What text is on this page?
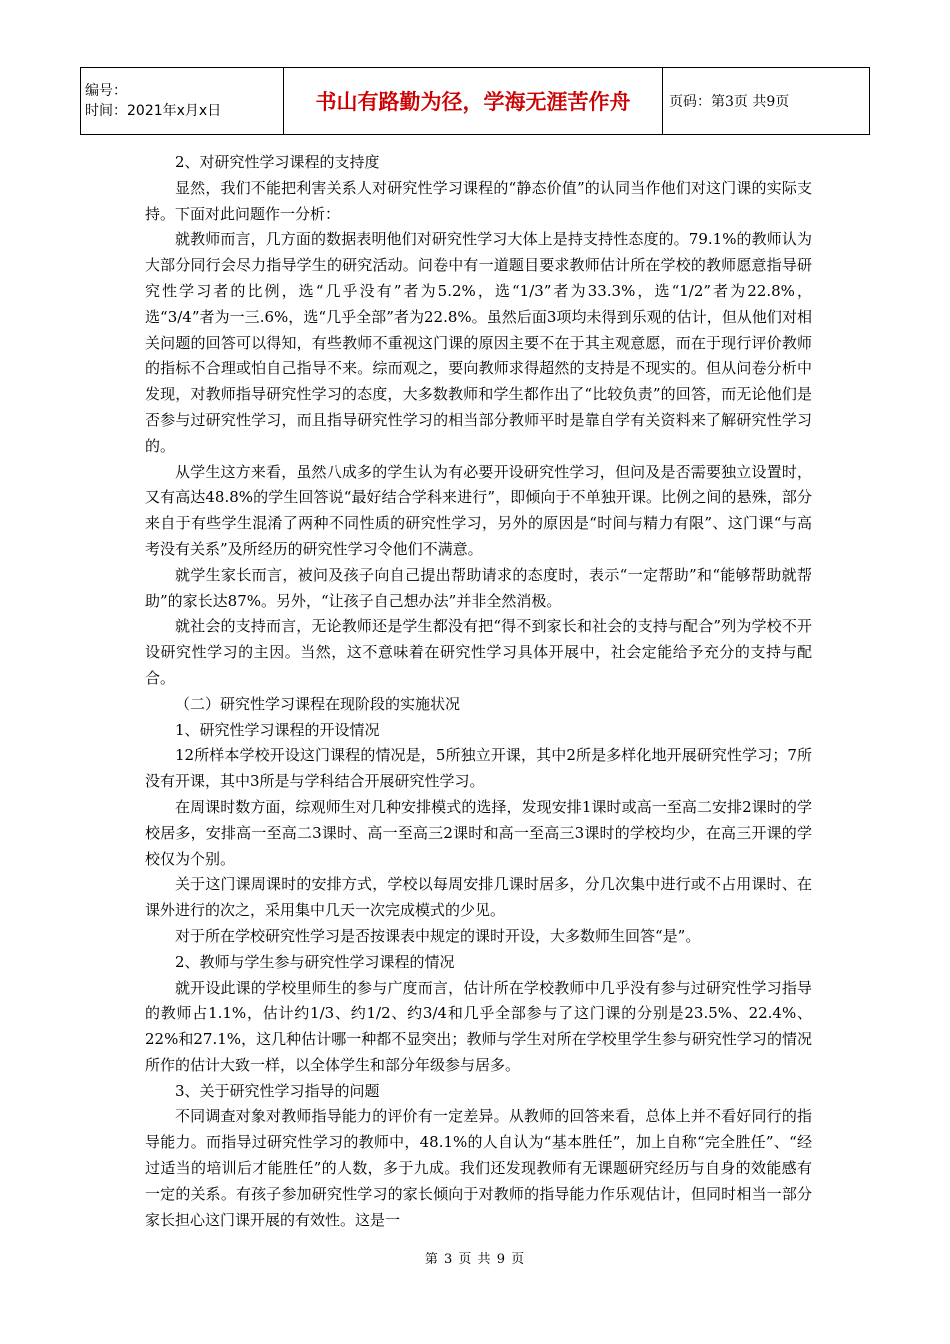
编号：
时间：2021年x月x日	书山有路勤为径，学海无涯苦作舟	页码：第3页 共9页

2、对研究性学习课程的支持度

显然，我们不能把利害关系人对研究性学习课程的“静态价值”的认同当作他们对这门课的实际支持。下面对此问题作一分析：

就教师而言，几方面的数据表明他们对研究性学习大体上是持支持性态度的。79.1%的教师认为大部分同行会尽力指导学生的研究活动。问卷中有一道题目要求教师估计所在学校的教师愿意指导研究性学习者的比例，选“几乎没有”者为5.2%，选“1/3”者为33.3%，选“1/2”者为22.8%，选“3/4”者为一三.6%，选“几乎全部”者为22.8%。虽然后面3项均未得到乐观的估计，但从他们对相关问题的回答可以得知，有些教师不重视这门课的原因主要不在于其主观意愿，而在于现行评价教师的指标不合理或怕自己指导不来。综而观之，要向教师求得超然的支持是不现实的。但从问卷分析中发现，对教师指导研究性学习的态度，大多数教师和学生都作出了“比较负责”的回答，而无论他们是否参与过研究性学习，而且指导研究性学习的相当部分教师平时是靠自学有关资料来了解研究性学习的。

从学生这方来看，虽然八成多的学生认为有必要开设研究性学习，但问及是否需要独立设置时，又有高达48.8%的学生回答说“最好结合学科来进行”，即倾向于不单独开课。比例之间的悬殊，部分来自于有些学生混淆了两种不同性质的研究性学习，另外的原因是“时间与精力有限”、这门课“与高考没有关系”及所经历的研究性学习令他们不满意。

就学生家长而言，被问及孩子向自己提出帮助请求的态度时，表示“一定帮助”和“能够帮助就帮助”的家长达87%。另外，“让孩子自己想办法”并非全然消极。

就社会的支持而言，无论教师还是学生都没有把“得不到家长和社会的支持与配合”列为学校不开设研究性学习的主因。当然，这不意味着在研究性学习具体开展中，社会定能给予充分的支持与配合。

（二）研究性学习课程在现阶段的实施状况

1、研究性学习课程的开设情况

12所样本学校开设这门课程的情况是，5所独立开课，其中2所是多样化地开展研究性学习；7所没有开课，其中3所是与学科结合开展研究性学习。

在周课时数方面，综观师生对几种安排模式的选择，发现安排1课时或高一至高二安排2课时的学校居多，安排高一至高二3课时、高一至高三2课时和高一至高三3课时的学校均少，在高三开课的学校仅为个别。

关于这门课周课时的安排方式，学校以每周安排几课时居多，分几次集中进行或不占用课时、在课外进行的次之，采用集中几天一次完成模式的少见。

对于所在学校研究性学习是否按课表中规定的课时开设，大多数师生回答“是”。

2、教师与学生参与研究性学习课程的情况

就开设此课的学校里师生的参与广度而言，估计所在学校教师中几乎没有参与过研究性学习指导的教师占1.1%，估计约1/3、约1/2、约3/4和几乎全部参与了这门课的分别是23.5%、22.4%、22%和27.1%，这几种估计哪一种都不显突出；教师与学生对所在学校里学生参与研究性学习的情况所作的估计大致一样，以全体学生和部分年级参与居多。

3、关于研究性学习指导的问题

不同调查对象对教师指导能力的评价有一定差异。从教师的回答来看，总体上并不看好同行的指导能力。而指导过研究性学习的教师中，48.1%的人自认为“基本胜任”，加上自称“完全胜任”、“经过适当的培训后才能胜任”的人数，多于九成。我们还发现教师有无课题研究经历与自身的效能感有一定的关系。有孩子参加研究性学习的家长倾向于对教师的指导能力作乐观估计，但同时相当一部分家长担心这门课开展的有效性。这是一

第 3 页 共 9 页
